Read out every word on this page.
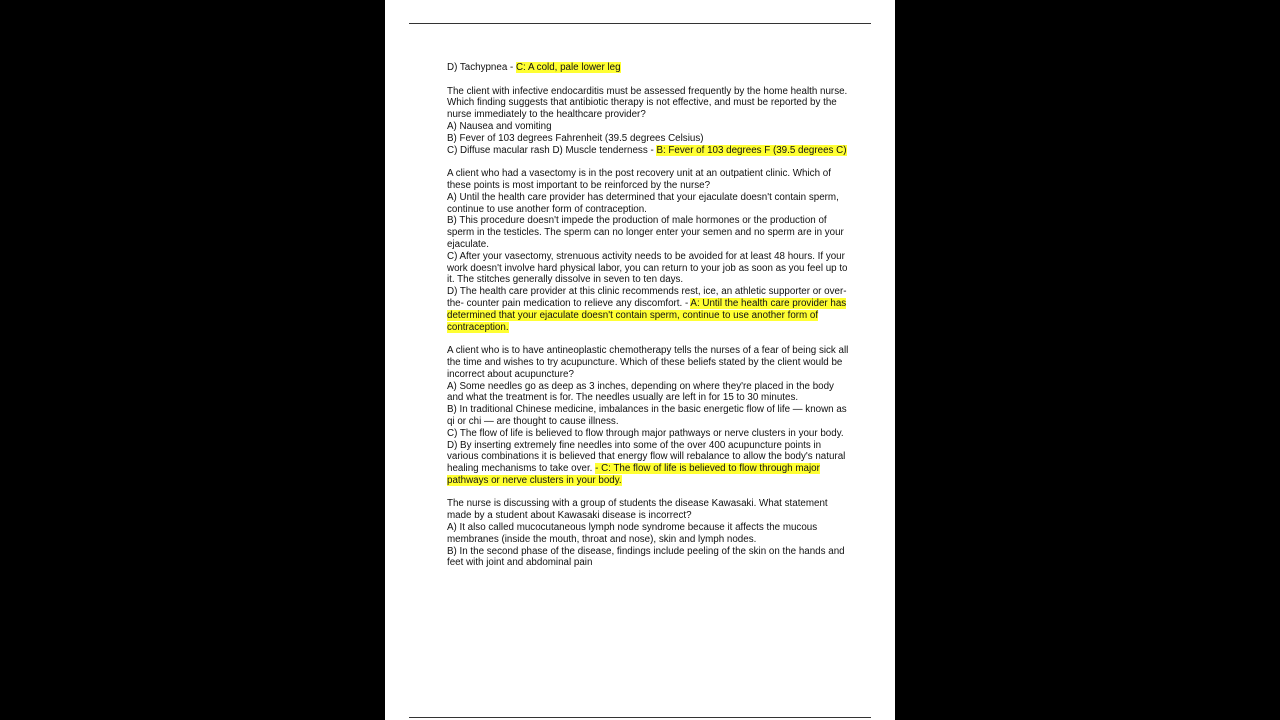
D) Tachypnea - C: A cold, pale lower leg

The client with infective endocarditis must be assessed frequently by the home health nurse. Which finding suggests that antibiotic therapy is not effective, and must be reported by the nurse immediately to the healthcare provider?

A) Nausea and vomiting

B) Fever of 103 degrees Fahrenheit (39.5 degrees Celsius)

C) Diffuse macular rash D) Muscle tenderness - B: Fever of 103 degrees F (39.5 degrees C)

A client who had a vasectomy is in the post recovery unit at an outpatient clinic. Which of these points is most important to be reinforced by the nurse?

A) Until the health care provider has determined that your ejaculate doesn't contain sperm, continue to use another form of contraception.

B) This procedure doesn't impede the production of male hormones or the production of sperm in the testicles. The sperm can no longer enter your semen and no sperm are in your ejaculate.

C) After your vasectomy, strenuous activity needs to be avoided for at least 48 hours. If your work doesn't involve hard physical labor, you can return to your job as soon as you feel up to it. The stitches generally dissolve in seven to ten days.

D) The health care provider at this clinic recommends rest, ice, an athletic supporter or over-the- counter pain medication to relieve any discomfort. - A: Until the health care provider has determined that your ejaculate doesn't contain sperm, continue to use another form of contraception.

A client who is to have antineoplastic chemotherapy tells the nurses of a fear of being sick all the time and wishes to try acupuncture. Which of these beliefs stated by the client would be incorrect about acupuncture?

A) Some needles go as deep as 3 inches, depending on where they're placed in the body and what the treatment is for. The needles usually are left in for 15 to 30 minutes.

B) In traditional Chinese medicine, imbalances in the basic energetic flow of life — known as qi or chi — are thought to cause illness.

C) The flow of life is believed to flow through major pathways or nerve clusters in your body.

D) By inserting extremely fine needles into some of the over 400 acupuncture points in various combinations it is believed that energy flow will rebalance to allow the body's natural healing mechanisms to take over. - C: The flow of life is believed to flow through major pathways or nerve clusters in your body.

The nurse is discussing with a group of students the disease Kawasaki. What statement made by a student about Kawasaki disease is incorrect?

A) It also called mucocutaneous lymph node syndrome because it affects the mucous membranes (inside the mouth, throat and nose), skin and lymph nodes.

B) In the second phase of the disease, findings include peeling of the skin on the hands and feet with joint and abdominal pain
